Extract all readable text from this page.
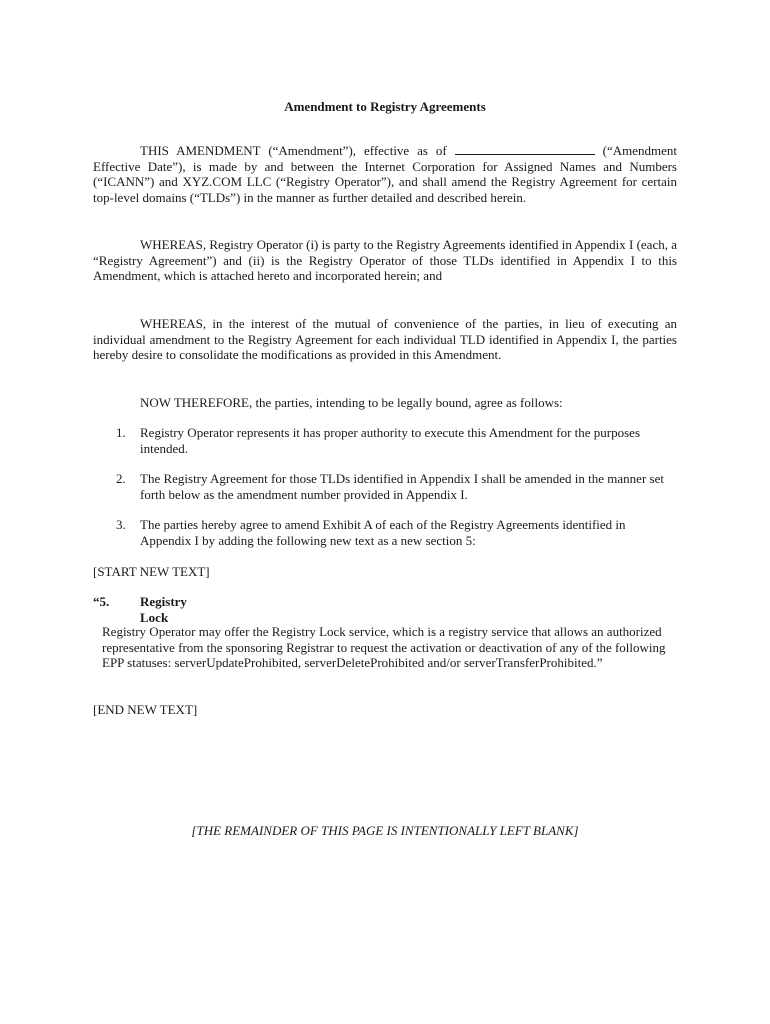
Amendment to Registry Agreements

THIS AMENDMENT (“Amendment”), effective as of	(“Amendment Effective Date”), is made by and between the Internet Corporation for Assigned Names and Numbers (“ICANN”) and XYZ.COM LLC (“Registry Operator”), and shall amend the Registry Agreement for certain top-level domains (“TLDs”) in the manner as further detailed and described herein.

WHEREAS, Registry Operator (i) is party to the Registry Agreements identified in Appendix I (each, a “Registry Agreement”) and (ii) is the Registry Operator of those TLDs identified in Appendix I to this Amendment, which is attached hereto and incorporated herein; and

WHEREAS, in the interest of the mutual of convenience of the parties, in lieu of executing an individual amendment to the Registry Agreement for each individual TLD identified in Appendix I, the parties hereby desire to consolidate the modifications as provided in this Amendment.

NOW THEREFORE, the parties, intending to be legally bound, agree as follows:

1. Registry Operator represents it has proper authority to execute this Amendment for the purposes intended.
2. The Registry Agreement for those TLDs identified in Appendix I shall be amended in the manner set forth below as the amendment number provided in Appendix I.
3. The parties hereby agree to amend Exhibit A of each of the Registry Agreements identified in Appendix I by adding the following new text as a new section 5:
[START NEW TEXT]
“5. Registry Lock
Registry Operator may offer the Registry Lock service, which is a registry service that allows an authorized representative from the sponsoring Registrar to request the activation or deactivation of any of the following EPP statuses: serverUpdateProhibited, serverDeleteProhibited and/or serverTransferProhibited.”
[END NEW TEXT]
[THE REMAINDER OF THIS PAGE IS INTENTIONALLY LEFT BLANK]
